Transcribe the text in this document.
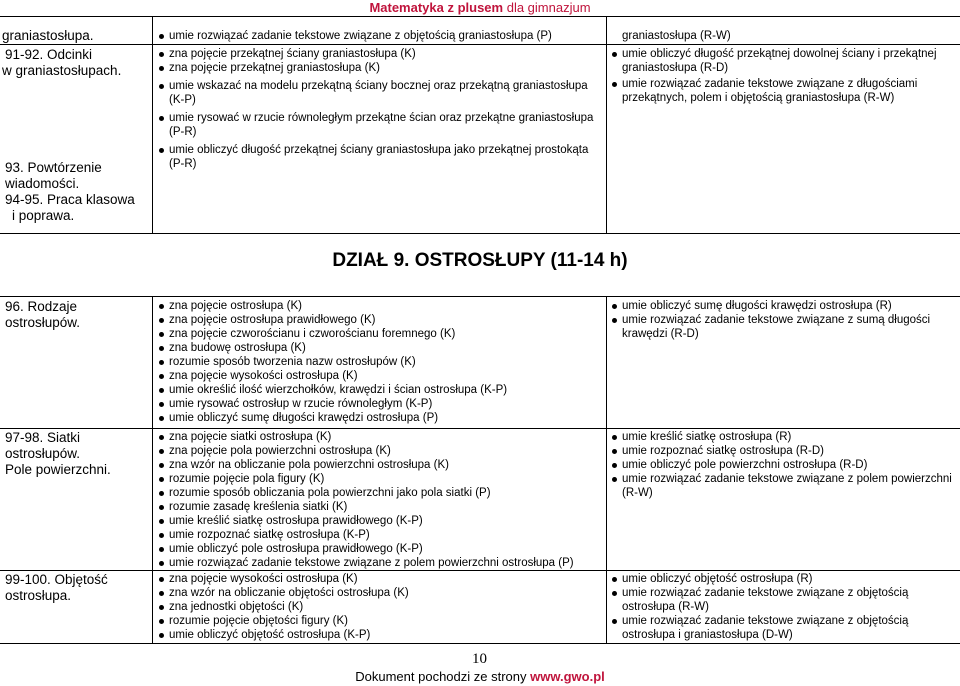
Matematyka z plusem dla gimnazjum
graniastosłupa.	umie rozwiązać zadanie tekstowe związane z objętością graniastosłupa (P)	graniastosłupa (R-W)
91-92. Odcinki
w graniastosłupach.
zna pojęcie przekątnej ściany graniastosłupa (K)
zna pojęcie przekątnej graniastosłupa (K)
umie wskazać na modelu przekątną ściany bocznej oraz przekątną graniastosłupa (K-P)
umie rysować w rzucie równoległym przekątne ścian oraz przekątne graniastosłupa (P-R)
umie obliczyć długość przekątnej ściany graniastosłupa jako przekątnej prostokąta (P-R)
umie obliczyć długość przekątnej dowolnej ściany i przekątnej graniastosłupa (R-D)
umie rozwiązać zadanie tekstowe związane z długościami przekątnych, polem i objętością graniastosłupa (R-W)
93. Powtórzenie
wiadomości.
94-95. Praca klasowa
i poprawa.
DZIAŁ 9. OSTROSŁUPY (11-14 h)
96. Rodzaje
ostrosłupów.
zna pojęcie ostrosłupa (K)
zna pojęcie ostrosłupa prawidłowego (K)
zna pojęcie czworościanu i czworościanu foremnego (K)
zna budowę ostrosłupa (K)
rozumie sposób tworzenia nazw ostrosłupów (K)
zna pojęcie wysokości ostrosłupa (K)
umie określić ilość wierzchołków, krawędzi i ścian ostrosłupa (K-P)
umie rysować ostrosłup w rzucie równoległym (K-P)
umie obliczyć sumę długości krawędzi ostrosłupa (P)
umie obliczyć sumę długości krawędzi ostrosłupa (R)
umie rozwiązać zadanie tekstowe związane z sumą długości krawędzi (R-D)
97-98. Siatki
ostrosłupów.
Pole powierzchni.
zna pojęcie siatki ostrosłupa (K)
zna pojęcie pola powierzchni ostrosłupa (K)
zna wzór na obliczanie pola powierzchni ostrosłupa (K)
rozumie pojęcie pola figury (K)
rozumie sposób obliczania pola powierzchni jako pola siatki (P)
rozumie zasadę kreślenia siatki (K)
umie kreślić siatkę ostrosłupa prawidłowego (K-P)
umie rozpoznać siatkę ostrosłupa (K-P)
umie obliczyć pole ostrosłupa prawidłowego (K-P)
umie rozwiązać zadanie tekstowe związane z polem powierzchni ostrosłupa (P)
umie kreślić siatkę ostrosłupa (R)
umie rozpoznać siatkę ostrosłupa (R-D)
umie obliczyć pole powierzchni ostrosłupa (R-D)
umie rozwiązać zadanie tekstowe związane z polem powierzchni (R-W)
99-100. Objętość
ostrosłupa.
zna pojęcie wysokości ostrosłupa (K)
zna wzór na obliczanie objętości ostrosłupa (K)
zna jednostki objętości (K)
rozumie pojęcie objętości figury (K)
umie obliczyć objętość ostrosłupa (K-P)
umie obliczyć objętość ostrosłupa (R)
umie rozwiązać zadanie tekstowe związane z objętością ostrosłupa (R-W)
umie rozwiązać zadanie tekstowe związane z objętością ostrosłupa i graniastosłupa (D-W)
10
Dokument pochodzi ze strony www.gwo.pl
